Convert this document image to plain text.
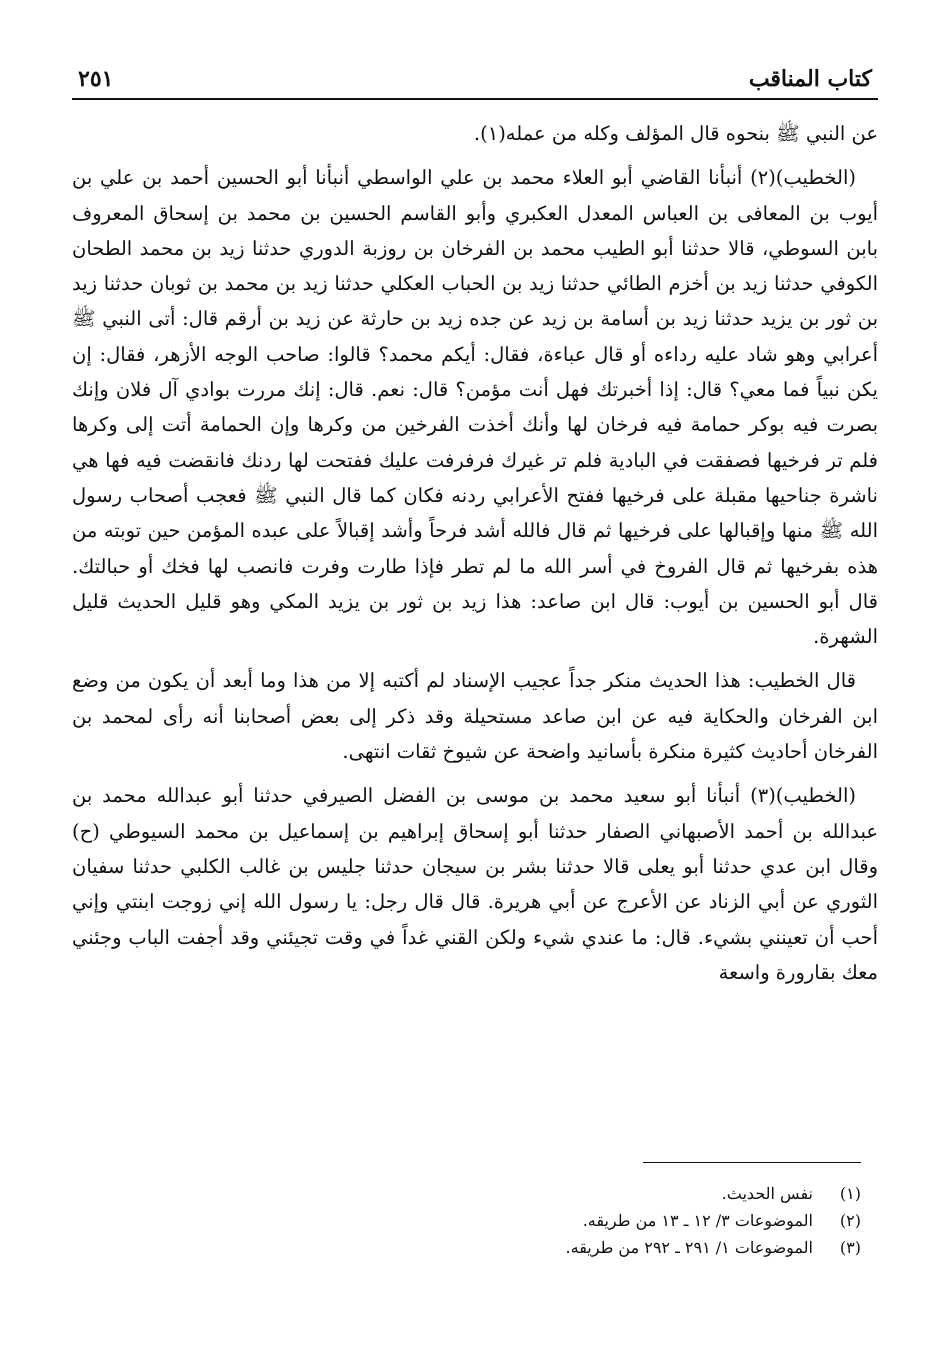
كتاب المناقب
٢٥١

عن النبي ﷺ بنحوه قال المؤلف وكله من عمله(١).

(الخطيب)(٢) أنبأنا القاضي أبو العلاء محمد بن علي الواسطي أنبأنا أبو الحسين أحمد بن علي بن أيوب بن المعافى بن العباس المعدل العكبري وأبو القاسم الحسين بن محمد بن إسحاق المعروف بابن السوطي، قالا حدثنا أبو الطيب محمد بن الفرخان بن روزبة الدوري حدثنا زيد بن محمد الطحان الكوفي حدثنا زيد بن أخزم الطائي حدثنا زيد بن الحباب العكلي حدثنا زيد بن محمد بن ثوبان حدثنا زيد بن ثور بن يزيد حدثنا زيد بن أسامة بن زيد عن جده زيد بن حارثة عن زيد بن أرقم قال: أتى النبي ﷺ أعرابي وهو شاد عليه رداءه أو قال عباءة، فقال: أيكم محمد؟ قالوا: صاحب الوجه الأزهر، فقال: إن يكن نبياً فما معي؟ قال: إذا أخبرتك فهل أنت مؤمن؟ قال: نعم. قال: إنك مررت بوادي آل فلان وإنك بصرت فيه بوكر حمامة فيه فرخان لها وأنك أخذت الفرخين من وكرها وإن الحمامة أتت إلى وكرها فلم تر فرخيها فصفقت في البادية فلم تر غيرك فرفرفت عليك ففتحت لها ردنك فانقضت فيه فها هي ناشرة جناحيها مقبلة على فرخيها ففتح الأعرابي ردنه فكان كما قال النبي ﷺ فعجب أصحاب رسول الله ﷺ منها وإقبالها على فرخيها ثم قال فالله أشد فرحاً وأشد إقبالاً على عبده المؤمن حين توبته من هذه بفرخيها ثم قال الفروخ في أسر الله ما لم تطر فإذا طارت وفرت فانصب لها فخك أو حبالتك. قال أبو الحسين بن أيوب: قال ابن صاعد: هذا زيد بن ثور بن يزيد المكي وهو قليل الحديث قليل الشهرة.

قال الخطيب: هذا الحديث منكر جداً عجيب الإسناد لم أكتبه إلا من هذا وما أبعد أن يكون من وضع ابن الفرخان والحكاية فيه عن ابن صاعد مستحيلة وقد ذكر إلى بعض أصحابنا أنه رأى لمحمد بن الفرخان أحاديث كثيرة منكرة بأسانيد واضحة عن شيوخ ثقات انتهى.

(الخطيب)(٣) أنبأنا أبو سعيد محمد بن موسى بن الفضل الصيرفي حدثنا أبو عبدالله محمد بن عبدالله بن أحمد الأصبهاني الصفار حدثنا أبو إسحاق إبراهيم بن إسماعيل بن محمد السيوطي (ح) وقال ابن عدي حدثنا أبو يعلى قالا حدثنا بشر بن سيجان حدثنا جليس بن غالب الكلبي حدثنا سفيان الثوري عن أبي الزناد عن الأعرج عن أبي هريرة. قال قال رجل: يا رسول الله إني زوجت ابنتي وإني أحب أن تعينني بشيء. قال: ما عندي شيء ولكن القني غداً في وقت تجيئني وقد أجفت الباب وجئني معك بقارورة واسعة

(١)
نفس الحديث.
(٢)
الموضوعات ٣/ ١٢ ـ ١٣ من طريقه.
(٣)
الموضوعات ١/ ٢٩١ ـ ٢٩٢ من طريقه.
